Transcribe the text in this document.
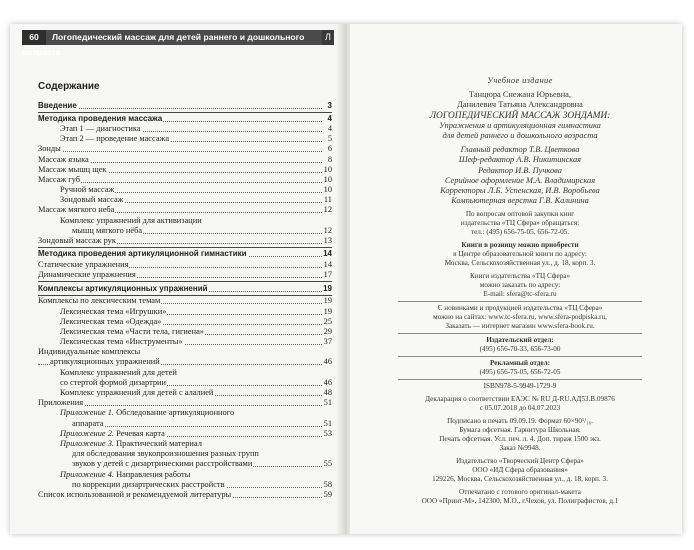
60 Логопедический массаж для детей раннего и дошкольного возраста
Л
Содержание
Введение	3
Методика проведения массажа	4
Этап 1 — диагностика	4
Этап 2 — проведение массажа	5
Зонды	6
Массаж языка	8
Массаж мышц щек	10
Массаж губ	10
Ручной массаж	10
Зондовый массаж	11
Массаж мягкого неба	12
Комплекс упражнений для активизации
мышц мягкого нёба	12
Зондовый массаж рук	13
Методика проведения артикуляционной гимнастики	14
Статические упражнения	14
Динамические упражнения	17
Комплексы артикуляционных упражнений	19
Комплексы по лексическим темам	19
Лексическая тема «Игрушки»	19
Лексическая тема «Одежда»	25
Лексическая тема «Части тела, гигиена»	29
Лексическая тема «Инструменты»	37
Индивидуальные комплексы
артикуляционных упражнений	46
Комплекс упражнений для детей
со стертой формой дизартрии	46
Комплекс упражнений для детей с алалией	48
Приложения	51
Приложение 1. Обследование артикуляционного
аппарата	51
Приложение 2. Речевая карта	53
Приложение 3. Практический материал
для обследования звукопроизношения разных групп
звуков у детей с дизартрическими расстройствами	55
Приложение 4. Направления работы
по коррекции дизартрических расстройств	58
Список использованной и рекомендуемой литературы	59
Учебное издание
Танцюра Снежана Юрьевна,
Данилевич Татьяна Александровна
ЛОГОПЕДИЧЕСКИЙ МАССАЖ ЗОНДАМИ:
Упражнения и артикуляционная гимнастика
для детей раннего и дошкольного возраста
Главный редактор Т.В. Цветкова
Шеф-редактор А.В. Никитинская
Редактор И.В. Пучкова
Серийное оформление М.А. Владимирская
Корректоры Л.Б. Успенская, И.В. Воробьева
Компьютерная верстка Г.В. Калинина
По вопросам оптовой закупки книг
издательства «ТЦ Сфера» обращаться:
тел.: (495) 656-75-05, 656-72-05.
Книги в розницу можно приобрести
в Центре образовательной книги по адресу:
Москва, Сельскохозяйственная ул., д. 18, корп. 3.
Книги издательства «ТЦ Сфера»
можно заказать по адресу:
E-mail: sfera@tc-sfera.ru
С новинками и продукцией издательства «ТЦ Сфера»
можно на сайтах: www.tc-sfera.ru, www.sfera-podpiska.ru,
Заказать — интернет магазин www.sfera-book.ru.
Издательский отдел:
(495) 656-70-33, 656-73-00
Рекламный отдел:
(495) 656-75-05, 656-72-05
ISBN978-5-9949-1729-9
Декларация о соответствии ЕАЭС № RU Д-RU.АД53.В.09876
с 05.07.2018 до 04.07.2023
Подписано в печать 09.09.19. Формат 60×90¹/₁₆.
Бумага офсетная. Гарнитура Школьная.
Печать офсетная. Усл. печ. л. 4. Доп. тираж 1500 экз.
Заказ №9948.
Издательство «Творческий Центр Сфера»
ООО «ИД Сфера образования»
129226, Москва, Сельскохозяйственная ул., д. 18, корп. 3.
Отпечатано с готового оригинал-макета
ООО «Принт-М», 142300, М.О., г.Чехов, ул. Полиграфистов, д.1
